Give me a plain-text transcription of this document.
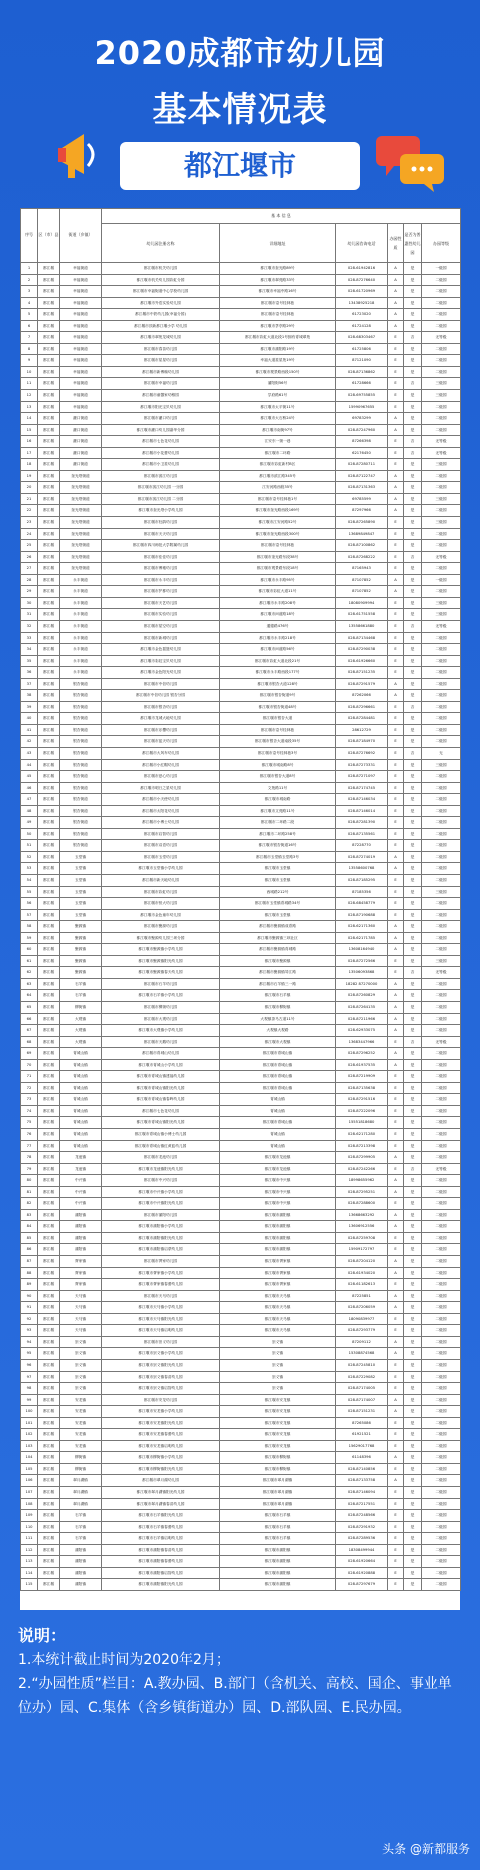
2020成都市幼儿园
基本情况表
都江堰市
序号	区（市）县	街道（乡镇）	基 本 信 息					
			幼儿园注册名称	详细地址	幼儿园咨询电话	办园性质	是否为普惠性幼儿园	办园等级
1	都江堰	幸福街道	都江堰市机关幼儿园	都江堰市奎光路89号	028-61942816	A	是	一级园
2	都江堰	幸福街道	都江堰市机关幼儿园彩虹分园	都江堰市翠苑路33号	028-87276640	A	是	二级园
3	都江堰	幸福街道	都江堰市幸福街道中心学校幼儿园	都江堰市幸福中路16号	028-61720969	A	是	二级园
4	都江堰	幸福街道	都江堰市外语实验幼儿园	都江堰市壹号桂林巷	13438925218	A	是	二级园
5	都江堰	幸福街道	都江堰市中铁幼儿园(幸福分园)	都江堰市壹号桂林巷	61723020	A	是	二级园
6	都江堰	幸福街道	都江堰市顶新都江堰小学 幼儿园	都江堰市茅亭路29号	61724128	A	是	二级园
7	都江堰	幸福街道	都江堰市翠苑龙城幼儿园	都江堰市彩虹大道北段1号拥有青城翠苑	028-68303467	E	否	无等级
8	都江堰	幸福街道	都江堰市春苗幼儿园	都江堰市蒲阳路19号	61725806	E	是	二级园
9	都江堰	幸福街道	都江堰市星星幼儿园	幸福大道星星苑19号	87121090	E	是	二级园
10	都江堰	幸福街道	都江堰市新博翰幼儿园	都江堰市观景路西段150号	028-87136862	E	是	二级园
11	都江堰	幸福街道	都江堰市幸福幼儿园	蒲阳街56号	61728666	E	否	三级园
12	都江堰	幸福街道	都江堰市童馨家幼稚园	学府路61号	028-69755855	E	是	三级园
13	都江堰	幸福街道	都江堰市阳光宝贝幼儿园	都江堰市太平街11号	15990967655	E	是	二级园
14	都江堰	灌口街道	都江堰市灌口幼儿园	都江堰市大石桥24号	69783299	A	是	二级园
15	都江堰	灌口街道	都江堰市灌口幼儿园嘉华分园	都江堰市南街97号	028-87247960	A	是	二级园
16	都江堰	灌口街道	都江堰市七色花幼儿园	江安东一街一巷	87266398	E	否	无等级
17	都江堰	灌口街道	都江堰市小花蕾幼儿园	都江堰市二环路	62176450	E	否	无等级
18	都江堰	灌口街道	都江堰市小卫星幼儿园	都江堰市彩虹新村B区	028-87280711	E	是	三级园
19	都江堰	奎光塔街道	都江堰市滨江幼儿园	都江堰市滨江路345号	028-87122747	A	是	二级园
20	都江堰	奎光塔街道	都江堰市滨江幼儿园 一分园	江安河路西段35号	028-87131363	A	是	二级园
21	都江堰	奎光塔街道	都江堰市滨江幼儿园 二分园	都江堰市壹号桂林巷1号	69785599	A	是	三级园
22	都江堰	奎光塔街道	都江堰市奎光塔小学幼儿园	都江堰市奎光路西段169号	87297966	A	是	二级园
23	都江堰	奎光塔街道	都江堰市杜鹃幼儿园	都江堰市江安河路52号	028-87265890	E	是	三级园
24	都江堰	奎光塔街道	都江堰市天天幼儿园	都江堰市奎光路西段300号	13689849847	E	是	二级园
25	都江堰	奎光塔街道	都江堰市四川师范大学附属幼儿园	都江堰市壹号桂林巷	028-87100862	E	是	二级园
26	都江堰	奎光塔街道	都江堰市佳佳幼儿园	都江堰市奎光路东段38号	028-87268222	E	否	无等级
27	都江堰	奎光塔街道	都江堰市博雅幼儿园	都江堰市观景路东段18号	87165943	E	是	二级园
28	都江堰	永丰街道	都江堰市永丰幼儿园	都江堰市永丰路95号	87107852	A	是	一级园
29	都江堰	永丰街道	都江堰市护都幼儿园	都江堰市彩虹大道11号	87107852	A	是	二级园
30	都江堰	永丰街道	都江堰市天艺幼儿园	都江堰市永丰路208号	18080909994	E	是	三级园
31	都江堰	永丰街道	都江堰市实验幼儿园	都江堰市问道路18号	028-61751558	E	是	三级园
32	都江堰	永丰街道	都江堰市星空幼儿园	通德路476号	13558661880	E	否	无等级
33	都江堰	永丰街道	都江堰市新城幼儿园	都江堰市永丰路218号	028-87134468	E	是	二级园
34	都江堰	永丰街道	都江堰市金色摇篮幼儿园	都江堰市问道路56号	028-87290038	E	是	二级园
35	都江堰	永丰街道	都江堰市彩虹宝贝幼儿园	都江堰市彩虹大道北段21号	028-61926660	E	是	二级园
36	都江堰	永丰街道	都江堰市金色阳光幼儿园	都江堰市永丰路西段177号	028-87151235	E	是	二级园
37	都江堰	银杏街道	都江堰市中信幼儿园	都江堰市银杏大道128号	028-87291579	A	是	二级园
38	都江堰	银杏街道	都江堰市中信幼儿园 银杏分园	都江堰市银杏街道9号	87262066	A	是	二级园
39	都江堰	银杏街道	都江堰市银杏幼儿园	都江堰市银杏街道48号	028-87296661	E	否	二级园
40	都江堰	银杏街道	都江堰市龙城大地幼儿园	都江堰市银杏大道	028-87284481	E	是	二级园
41	都江堰	银杏街道	都江堰市乐樱幼儿园	都江堰市壹号桂林巷	28612729	E	是	二级园
42	都江堰	银杏街道	都江堰市蓝天幼儿园	都江堰市银杏大道南段35号	028-87184970	E	是	二级园
43	都江堰	银杏街道	都江堰市大风车幼儿园	都江堰市壹号桂林巷3号	028-87276692	E	否	无
44	都江堰	银杏街道	都江堰市小红帽幼儿园	都江堰市城南路8号	028-87273331	E	是	三级园
45	都江堰	银杏街道	都江堰市爱心幼儿园	都江堰市银杏大道8号	028-87271097	E	是	二级园
46	都江堰	银杏街道	都江堰市明日之星幼儿园	文苑路11号	028-87174745	E	是	二级园
47	都江堰	银杏街道	都江堰市小天使幼儿园	都江堰市城南路	028-87146034	E	是	二级园
48	都江堰	银杏街道	都江堰市太阳花幼儿园	都江堰市文苑路11号	028-87146014	E	是	二级园
49	都江堰	银杏街道	都江堰市小博士幼儿园	都江堰市二环路二段	028-87281390	E	是	二级园
50	都江堰	银杏街道	都江堰市启智幼儿园	都江堰市二环路258号	028-87135561	E	是	二级园
51	都江堰	银杏街道	都江堰市双语幼儿园	都江堰市银杏街道16号	87228770	E	是	二级园
52	都江堰	玉堂镇	都江堰市玉堂幼儿园	都江堰市玉堂镇玉堂路3号	028-87274019	A	是	二级园
53	都江堰	玉堂镇	都江堰市玉堂镇小学幼儿园	都江堰市玉堂镇	13558600768	A	是	二级园
54	都江堰	玉堂镇	都江堰市新天地幼儿园	都江堰市玉堂镇	028-87185295	E	是	二级园
55	都江堰	玉堂镇	都江堰市彩虹幼儿园	西城路212号	87185356	E	是	三级园
56	都江堰	玉堂镇	都江堰市恒大幼儿园	都江堰市玉堂镇青城路34号	028-68458779	E	是	二级园
57	都江堰	玉堂镇	都江堰市金色童年幼儿园	都江堰市玉堂镇	028-87190688	E	是	二级园
58	都江堰	聚源镇	都江堰市聚源幼儿园	都江堰市聚源镇成青路	028-62171360	A	是	二级园
59	都江堰	聚源镇	都江堰市聚源幼儿园三坝分园	都江堰市聚源镇三坝社区	028-62171785	A	是	二级园
60	都江堰	聚源镇	都江堰市聚源镇小学幼儿园	都江堰市聚源镇青城路	13608164940	A	是	二级园
61	都江堰	聚源镇	都江堰市聚源镇阳光幼儿园	都江堰市聚源镇	028-87272566	E	是	三级园
62	都江堰	聚源镇	都江堰市聚源镇春天幼儿园	都江堰市聚源镇导江路	13506093868	E	否	无等级
63	都江堰	石羊镇	都江堰市石羊幼儿园	都江堰市石羊镇三一路	18282 87270000	A	是	二级园
64	都江堰	石羊镇	都江堰市石羊镇小学幼儿园	都江堰市石羊镇	028-87260829	A	是	二级园
65	都江堰	柳街镇	都江堰市柳街幼儿园	都江堰市柳街镇	028-87264135	A	是	二级园
66	都江堰	大观镇	都江堰市大观幼儿园	大观镇茶马古道11号	028-87211966	A	是	二级园
67	都江堰	大观镇	都江堰市大观镇小学幼儿园	大观镇大观路	028-62933075	A	是	二级园
68	都江堰	大观镇	都江堰市天鹅幼儿园	都江堰市大观镇	13683447966	E	否	无等级
69	都江堰	青城山镇	都江堰市青城山幼儿园	都江堰市青城山镇	028-87296252	A	是	二级园
70	都江堰	青城山镇	都江堰市青城山小学幼儿园	都江堰市青城山镇	028-61937535	A	是	二级园
71	都江堰	青城山镇	都江堰市青城山镇建福幼儿园	都江堰市青城山镇	028-87219909	E	是	二级园
72	都江堰	青城山镇	都江堰市青城山镇阳光幼儿园	都江堰市青城山镇	028-87135638	E	是	二级园
73	都江堰	青城山镇	都江堰市青城山镇春晖幼儿园	青城山镇	028-87291516	E	是	二级园
74	都江堰	青城山镇	都江堰市七色花幼儿园	青城山镇	028-87222096	E	是	二级园
75	都江堰	青城山镇	都江堰市青城山镇阳光幼儿园	都江堰市青城山镇	15551818680	E	是	二级园
76	都江堰	青城山镇	都江堰市青城山镇小博士幼儿园	青城山镇	028-62171280	E	是	二级园
77	都江堰	青城山镇	都江堰市青城山镇红黄蓝幼儿园	青城山镇	028-87213398	E	是	二级园
78	都江堰	龙池镇	都江堰市龙池幼儿园	都江堰市龙池镇	028-87299905	A	是	二级园
79	都江堰	龙池镇	都江堰市龙池镇阳光幼儿园	都江堰市龙池镇	028-87242266	E	否	无等级
80	都江堰	中兴镇	都江堰市中兴幼儿园	都江堰市中兴镇	18998655962	A	是	二级园
81	都江堰	中兴镇	都江堰市中兴镇小学幼儿园	都江堰市中兴镇	028-87295251	A	是	二级园
82	都江堰	中兴镇	都江堰市中兴镇阳光幼儿园	都江堰市中兴镇	028-87288600	E	是	二级园
83	都江堰	蒲阳镇	都江堰市蒲阳幼儿园	都江堰市蒲阳镇	13668663292	A	是	二级园
84	都江堰	蒲阳镇	都江堰市蒲阳镇小学幼儿园	都江堰市蒲阳镇	13606912556	A	是	二级园
85	都江堰	蒲阳镇	都江堰市蒲阳镇阳光幼儿园	都江堰市蒲阳镇	028-87259708	E	是	二级园
86	都江堰	蒲阳镇	都江堰市蒲阳镇启蒙幼儿园	都江堰市蒲阳镇	15909172797	E	是	二级园
87	都江堰	胥家镇	都江堰市胥家幼儿园	都江堰市胥家镇	028-87204120	A	是	二级园
88	都江堰	胥家镇	都江堰市胥家镇小学幼儿园	都江堰市胥家镇	028-61934020	A	是	二级园
89	都江堰	胥家镇	都江堰市胥家镇春蕾幼儿园	都江堰市胥家镇	028-61182613	E	是	二级园
90	都江堰	天马镇	都江堰市天马幼儿园	都江堰市天马镇	87225851	A	是	二级园
91	都江堰	天马镇	都江堰市天马镇小学幼儿园	都江堰市天马镇	028-87206059	A	是	二级园
92	都江堰	天马镇	都江堰市天马镇阳光幼儿园	都江堰市天马镇	18090839977	E	是	二级园
93	都江堰	天马镇	都江堰市天马镇启明幼儿园	都江堰市天马镇	028-87293779	E	是	二级园
94	都江堰	崇义镇	都江堰市崇义幼儿园	崇义镇	87209112	A	是	二级园
95	都江堰	崇义镇	都江堰市崇义镇小学幼儿园	崇义镇	15308874568	A	是	二级园
96	都江堰	崇义镇	都江堰市崇义镇阳光幼儿园	崇义镇	028-87245810	E	是	二级园
97	都江堰	崇义镇	都江堰市崇义镇春苗幼儿园	崇义镇	028-87229082	E	是	二级园
98	都江堰	崇义镇	都江堰市崇义镇启智幼儿园	崇义镇	028-87174005	E	是	二级园
99	都江堰	安龙镇	都江堰市安龙幼儿园	都江堰市安龙镇	028-87174007	A	是	二级园
100	都江堰	安龙镇	都江堰市安龙镇小学幼儿园	都江堰市安龙镇	028-87151231	A	是	二级园
101	都江堰	安龙镇	都江堰市安龙镇阳光幼儿园	都江堰市安龙镇	87265086	E	是	二级园
102	都江堰	安龙镇	都江堰市安龙镇春蕾幼儿园	都江堰市安龙镇	61921521	E	是	二级园
103	都江堰	安龙镇	都江堰市安龙镇启明幼儿园	都江堰市安龙镇	15629017768	E	是	二级园
104	都江堰	柳街镇	都江堰市柳街镇小学幼儿园	都江堰市柳街镇	61148396	A	是	二级园
105	都江堰	柳街镇	都江堰市柳街镇阳光幼儿园	都江堰市柳街镇	028-87140856	E	是	二级园
106	都江堰	翠月湖镇	都江堰市翠月湖幼儿园	都江堰市翠月湖镇	028-87133758	A	是	二级园
107	都江堰	翠月湖镇	都江堰市翠月湖镇阳光幼儿园	都江堰市翠月湖镇	028-87146094	E	是	二级园
108	都江堰	翠月湖镇	都江堰市翠月湖镇春苗幼儿园	都江堰市翠月湖镇	028-87217551	E	是	二级园
109	都江堰	石羊镇	都江堰市石羊镇阳光幼儿园	都江堰市石羊镇	028-87248566	E	是	二级园
110	都江堰	石羊镇	都江堰市石羊镇春蕾幼儿园	都江堰市石羊镇	028-87291932	E	是	二级园
111	都江堰	石羊镇	都江堰市石羊镇启明幼儿园	都江堰市石羊镇	028-87289536	E	是	二级园
112	都江堰	蒲阳镇	都江堰市蒲阳镇春苗幼儿园	都江堰市蒲阳镇	18308499944	E	是	二级园
113	都江堰	蒲阳镇	都江堰市蒲阳镇春蕾幼儿园	都江堰市蒲阳镇	028-61920664	E	是	二级园
114	都江堰	蒲阳镇	都江堰市蒲阳镇启智幼儿园	都江堰市蒲阳镇	028-61920888	E	是	二级园
115	都江堰	蒲阳镇	都江堰市蒲阳镇阳光幼儿园	都江堰市蒲阳镇	028-87297679	E	是	二级园
说明：
1.本统计截止时间为2020年2月；
2.“办园性质”栏目：A.教办园、B.部门（含机关、高校、国企、事业单位办）园、C.集体（含乡镇街道办）园、D.部队园、E.民办园。
头条 @新都服务
